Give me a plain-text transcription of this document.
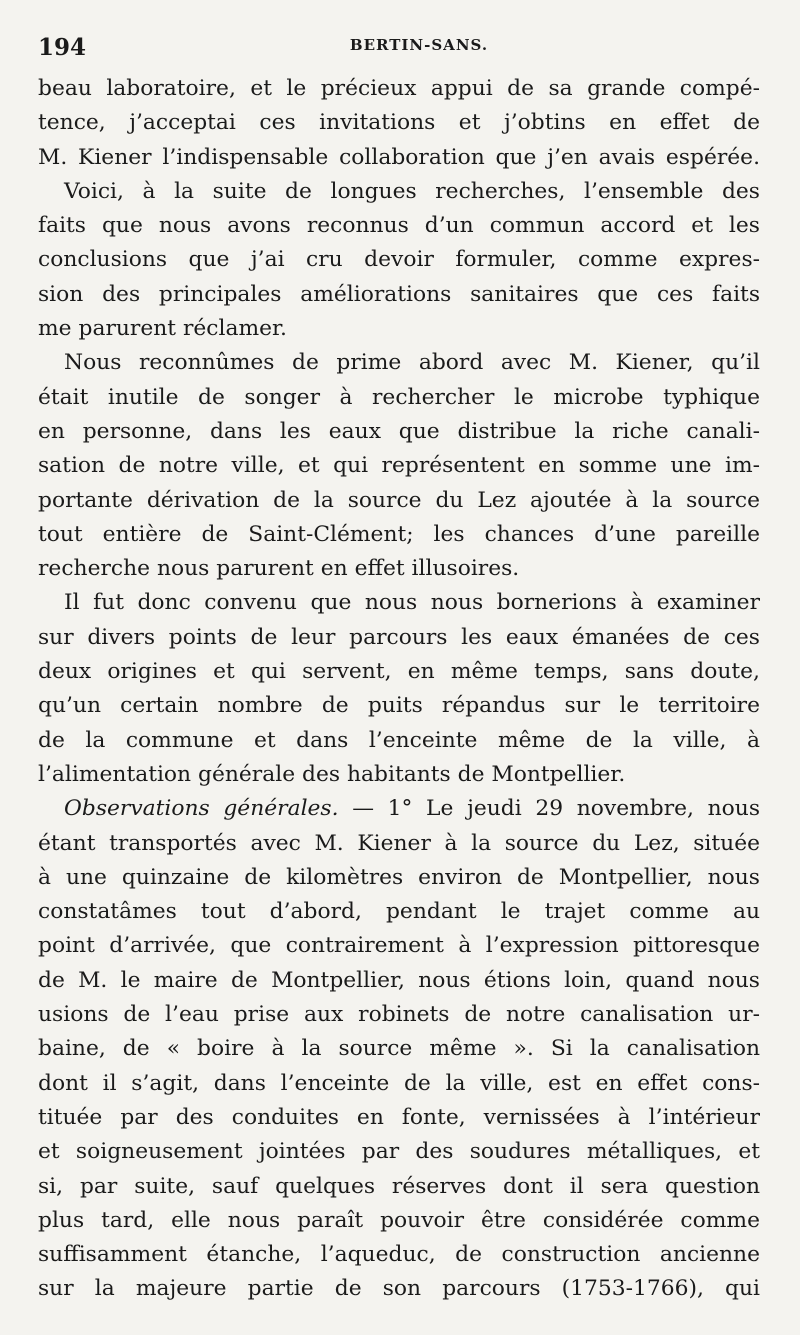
194	BERTIN-SANS.
beau laboratoire, et le précieux appui de sa grande compé-
tence, j’acceptai ces invitations et j’obtins en effet de
M. Kiener l’indispensable collaboration que j’en avais espérée.
Voici, à la suite de longues recherches, l’ensemble des
faits que nous avons reconnus d’un commun accord et les
conclusions que j’ai cru devoir formuler, comme expres-
sion des principales améliorations sanitaires que ces faits
me parurent réclamer.
Nous reconnûmes de prime abord avec M. Kiener, qu’il
était inutile de songer à rechercher le microbe typhique
en personne, dans les eaux que distribue la riche canali-
sation de notre ville, et qui représentent en somme une im-
portante dérivation de la source du Lez ajoutée à la source
tout entière de Saint-Clément; les chances d’une pareille
recherche nous parurent en effet illusoires.
Il fut donc convenu que nous nous bornerions à examiner
sur divers points de leur parcours les eaux émanées de ces
deux origines et qui servent, en même temps, sans doute,
qu’un certain nombre de puits répandus sur le territoire
de la commune et dans l’enceinte même de la ville, à
l’alimentation générale des habitants de Montpellier.
Observations générales. — 1° Le jeudi 29 novembre, nous
étant transportés avec M. Kiener à la source du Lez, située
à une quinzaine de kilomètres environ de Montpellier, nous
constatâmes tout d’abord, pendant le trajet comme au
point d’arrivée, que contrairement à l’expression pittoresque
de M. le maire de Montpellier, nous étions loin, quand nous
usions de l’eau prise aux robinets de notre canalisation ur-
baine, de « boire à la source même ». Si la canalisation
dont il s’agit, dans l’enceinte de la ville, est en effet cons-
tituée par des conduites en fonte, vernissées à l’intérieur
et soigneusement jointées par des soudures métalliques, et
si, par suite, sauf quelques réserves dont il sera question
plus tard, elle nous paraît pouvoir être considérée comme
suffisamment étanche, l’aqueduc, de construction ancienne
sur la majeure partie de son parcours (1753-1766), qui
